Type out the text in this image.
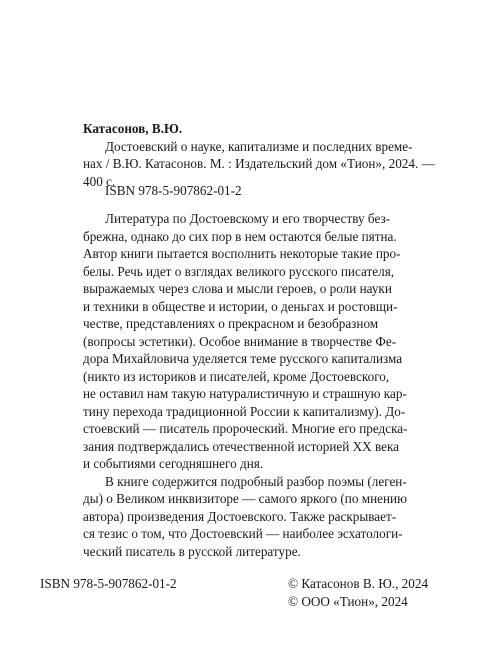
Катасонов, В.Ю.
Достоевский о науке, капитализме и последних време-
нах / В.Ю. Катасонов. М. : Издательский дом «Тион», 2024. —
400 с.
ISBN 978-5-907862-01-2
Литература по Достоевскому и его творчеству без-
брежна, однако до сих пор в нем остаются белые пятна.
Автор книги пытается восполнить некоторые такие про-
белы. Речь идет о взглядах великого русского писателя,
выражаемых через слова и мысли героев, о роли науки
и техники в обществе и истории, о деньгах и ростовщи-
честве, представлениях о прекрасном и безобразном
(вопросы эстетики). Особое внимание в творчестве Фе-
дора Михайловича уделяется теме русского капитализма
(никто из историков и писателей, кроме Достоевского,
не оставил нам такую натуралистичную и страшную кар-
тину перехода традиционной России к капитализму). До-
стоевский — писатель пророческий. Многие его предска-
зания подтверждались отечественной историей XX века
и событиями сегодняшнего дня.
В книге содержится подробный разбор поэмы (леген-
ды) о Великом инквизиторе — самого яркого (по мнению
автора) произведения Достоевского. Также раскрывает-
ся тезис о том, что Достоевский — наиболее эсхатологи-
ческий писатель в русской литературе.
ISBN 978-5-907862-01-2	© Катасонов В. Ю., 2024
© ООО «Тион», 2024
